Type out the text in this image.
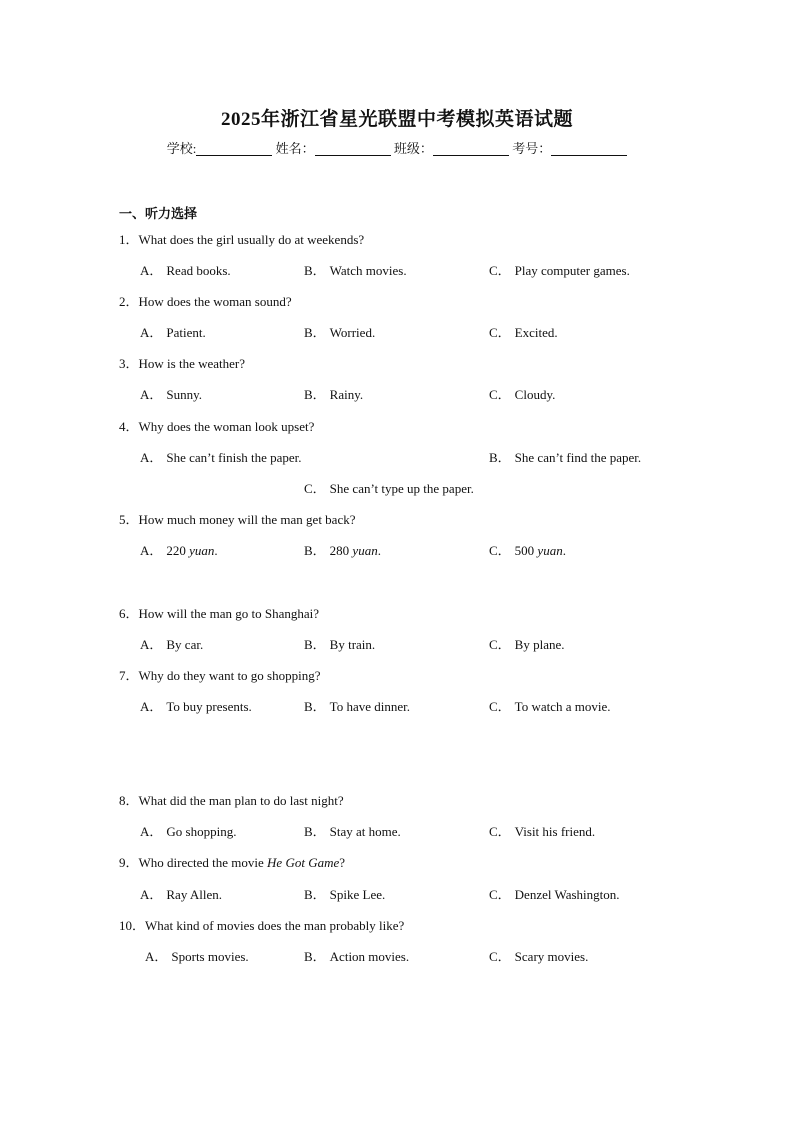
2025年浙江省星光联盟中考模拟英语试题
学校:	姓名：	班级：	考号：
一、听力选择
1．What does the girl usually do at weekends?
A． Read books.	B． Watch movies.	C． Play computer games.
2．How does the woman sound?
A． Patient.	B． Worried.	C． Excited.
3．How is the weather?
A． Sunny.	B． Rainy.	C． Cloudy.
4．Why does the woman look upset?
A． She can’t finish the paper.	B． She can’t find the paper.
C． She can’t type up the paper.
5．How much money will the man get back?
A． 220 yuan.	B． 280 yuan.	C． 500 yuan.
6．How will the man go to Shanghai?
A． By car.	B． By train.	C． By plane.
7．Why do they want to go shopping?
A． To buy presents.	B． To have dinner.	C． To watch a movie.
8．What did the man plan to do last night?
A． Go shopping.	B． Stay at home.	C． Visit his friend.
9．Who directed the movie He Got Game?
A． Ray Allen.	B． Spike Lee.	C． Denzel Washington.
10．What kind of movies does the man probably like?
A． Sports movies.	B． Action movies.	C． Scary movies.
